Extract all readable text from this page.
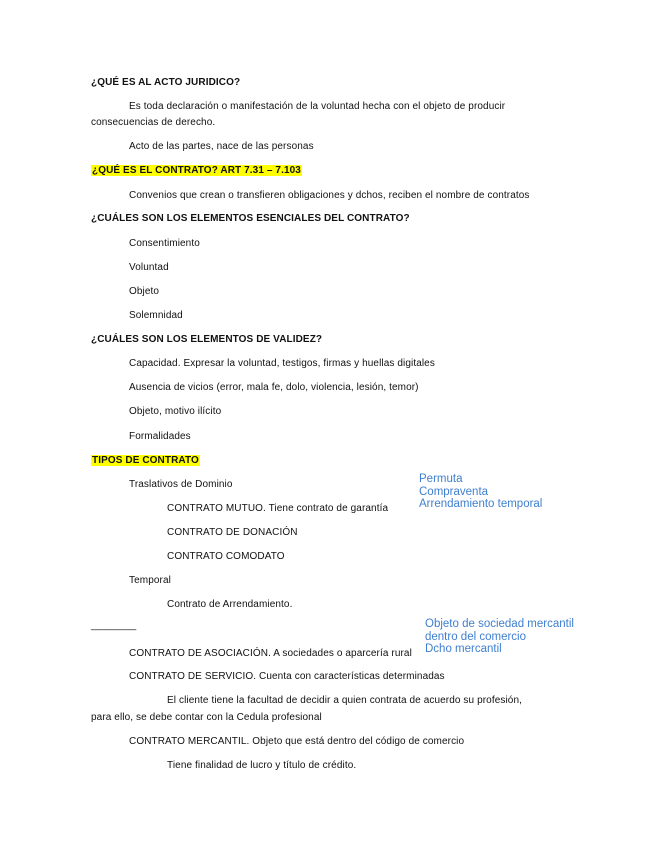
¿QUÉ ES AL ACTO JURIDICO?
Es toda declaración o manifestación de la voluntad hecha con el objeto de producir
consecuencias de derecho.
Acto de las partes, nace de las personas
¿QUÉ ES EL CONTRATO? ART 7.31 – 7.103
Convenios que crean o transfieren obligaciones y dchos, reciben el nombre de contratos
¿CUÁLES SON LOS ELEMENTOS ESENCIALES DEL CONTRATO?
Consentimiento
Voluntad
Objeto
Solemnidad
¿CUÁLES SON LOS ELEMENTOS DE VALIDEZ?
Capacidad. Expresar la voluntad, testigos, firmas y huellas digitales
Ausencia de vicios (error, mala fe, dolo, violencia, lesión, temor)
Objeto, motivo ilícito
Formalidades
TIPOS DE CONTRATO
Traslativos de Dominio
CONTRATO MUTUO. Tiene contrato de garantía
CONTRATO DE DONACIÓN
CONTRATO COMODATO
Temporal
Contrato de Arrendamiento.
________
CONTRATO DE ASOCIACIÓN. A sociedades o aparcería rural
CONTRATO DE SERVICIO. Cuenta con características determinadas
El cliente tiene la facultad de decidir a quien contrata de acuerdo su profesión,
para ello, se debe contar con la Cedula profesional
CONTRATO MERCANTIL. Objeto que está dentro del código de comercio
Tiene finalidad de lucro y título de crédito.
Permuta
Compraventa
Arrendamiento temporal
Objeto de sociedad mercantil
dentro del comercio
Dcho mercantil
